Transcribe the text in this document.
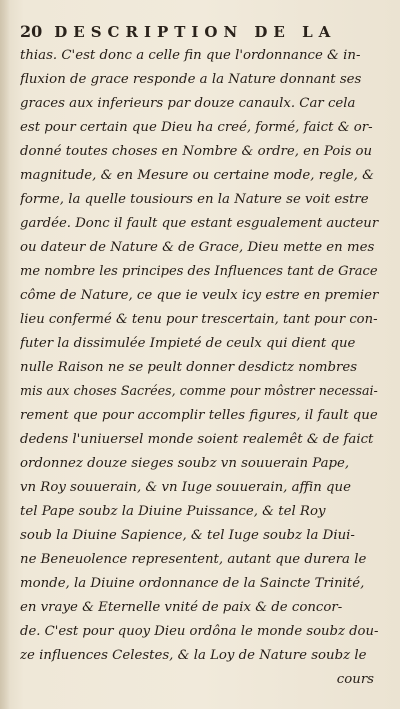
20 DESCRIPTION DE LA
thias. C'est donc a celle fin que l'ordonnance & in-
fluxion de grace responde a la Nature donnant ses
graces aux inferieurs par douze canaulx. Car cela
est pour certain que Dieu ha creé, formé, faict & or-
donné toutes choses en Nombre & ordre, en Pois ou
magnitude, & en Mesure ou certaine mode, regle, &
forme, la quelle tousiours en la Nature se voit estre
gardée. Donc il fault que estant esgualement aucteur
ou dateur de Nature & de Grace, Dieu mette en mes
me nombre les principes des Influences tant de Grace
côme de Nature, ce que ie veulx icy estre en premier
lieu confermé & tenu pour trescertain, tant pour con-
futer la dissimulée Impieté de ceulx qui dient que
nulle Raison ne se peult donner desdictz nombres
mis aux choses Sacrées, comme pour môstrer necessai-
rement que pour accomplir telles figures, il fault que
dedens l'uniuersel monde soient realemêt & de faict
ordonnez douze sieges soubz vn souuerain Pape,
vn Roy souuerain, & vn Iuge souuerain, affin que
tel Pape soubz la Diuine Puissance, & tel Roy
soub la Diuine Sapience, & tel Iuge soubz la Diui-
ne Beneuolence representent, autant que durera le
monde, la Diuine ordonnance de la Saincte Trinité,
en vraye & Eternelle vnité de paix & de concor-
de. C'est pour quoy Dieu ordôna le monde soubz dou-
ze influences Celestes, & la Loy de Nature soubz le
cours
